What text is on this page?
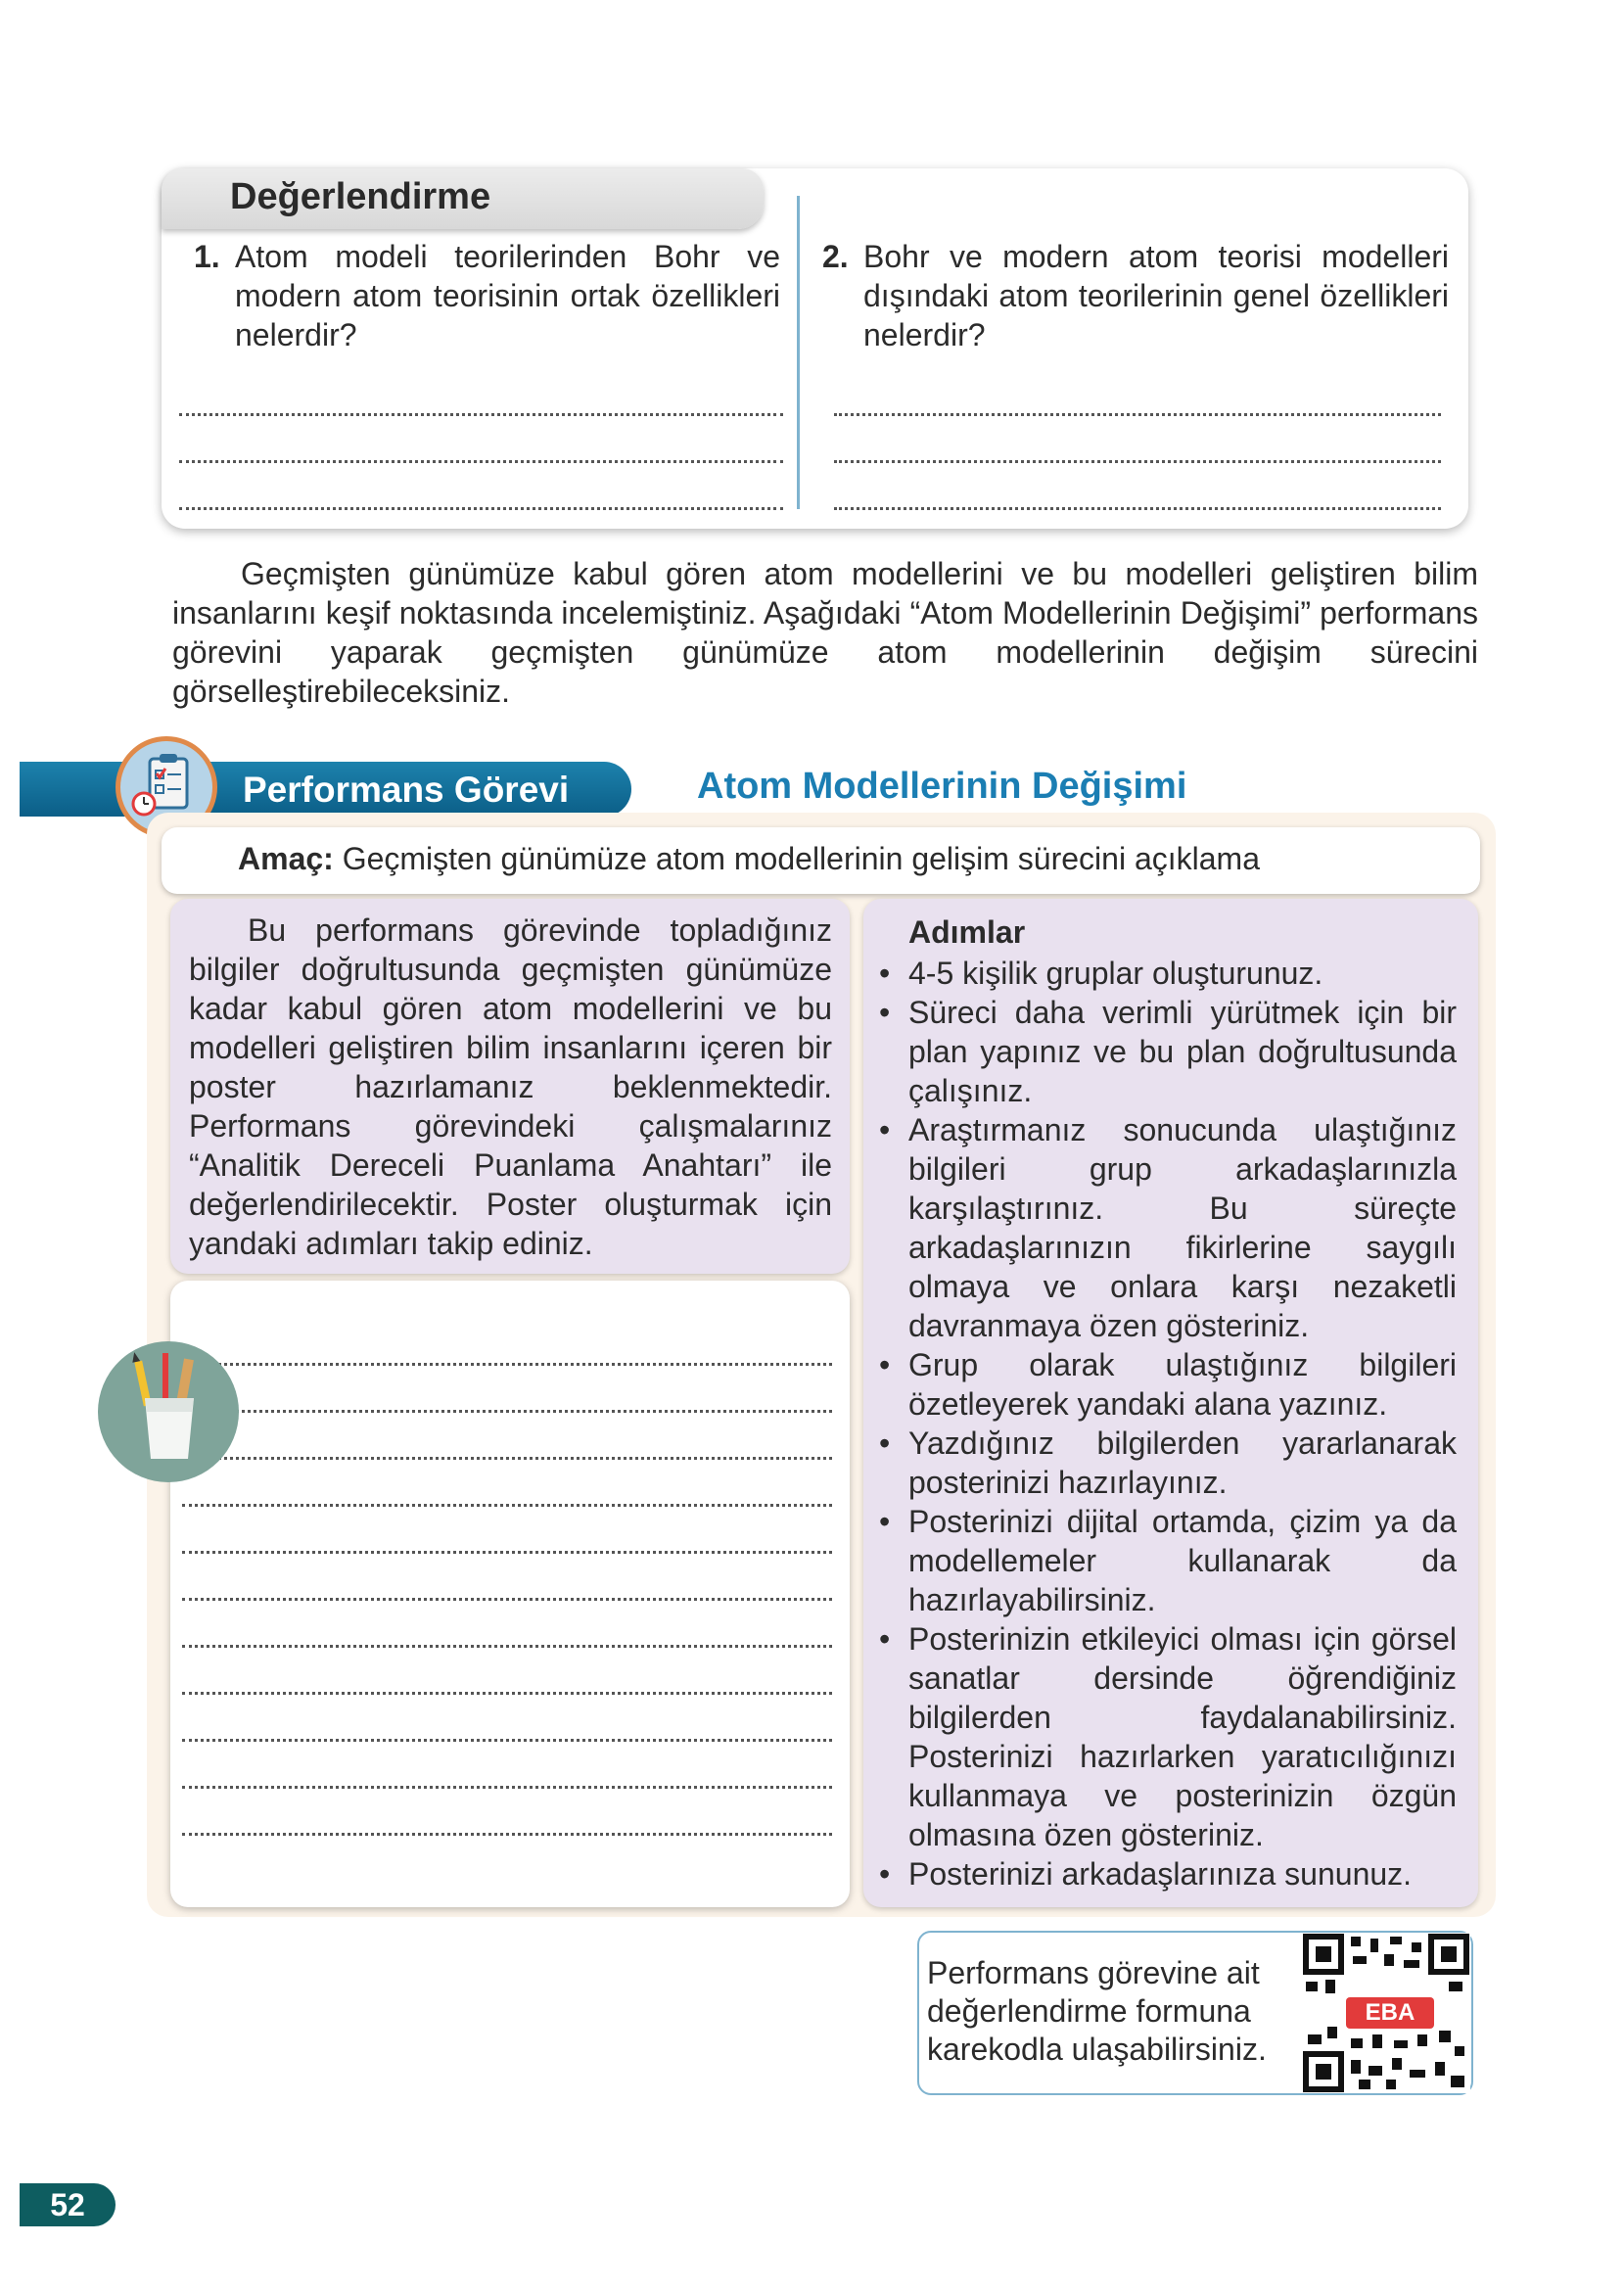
Değerlendirme
1. Atom modeli teorilerinden Bohr ve modern atom teorisinin ortak özellikleri nelerdir?
2. Bohr ve modern atom teorisi modelleri dışındaki atom teorilerinin genel özellikleri nelerdir?
Geçmişten günümüze kabul gören atom modellerini ve bu modelleri geliştiren bilim insanlarını keşif noktasında incelemiştiniz. Aşağıdaki “Atom Modellerinin Değişimi” performans görevini yaparak geçmişten günümüze atom modellerinin değişim sürecini görselleştirebileceksiniz.
Performans Görevi	Atom Modellerinin Değişimi
Amaç: Geçmişten günümüze atom modellerinin gelişim sürecini açıklama
Bu performans görevinde topladığınız bilgiler doğrultusunda geçmişten günümüze kadar kabul gören atom modellerini ve bu modelleri geliştiren bilim insanlarını içeren bir poster hazırlamanız beklenmektedir. Performans görevindeki çalışmalarınız “Analitik Dereceli Puanlama Anahtarı” ile değerlendirilecektir. Poster oluşturmak için yandaki adımları takip ediniz.
Adımlar
• 4-5 kişilik gruplar oluşturunuz.
• Süreci daha verimli yürütmek için bir plan yapınız ve bu plan doğrultusunda çalışınız.
• Araştırmanız sonucunda ulaştığınız bilgileri grup arkadaşlarınızla karşılaştırınız. Bu süreçte arkadaşlarınızın fikirlerine saygılı olmaya ve onlara karşı nezaketli davranmaya özen gösteriniz.
• Grup olarak ulaştığınız bilgileri özetleyerek yandaki alana yazınız.
• Yazdığınız bilgilerden yararlanarak posterinizi hazırlayınız.
• Posterinizi dijital ortamda, çizim ya da modellemeler kullanarak da hazırlayabilirsiniz.
• Posterinizin etkileyici olması için görsel sanatlar dersinde öğrendiğiniz bilgilerden faydalanabilirsiniz. Posterinizi hazırlarken yaratıcılığınızı kullanmaya ve posterinizin özgün olmasına özen gösteriniz.
• Posterinizi arkadaşlarınıza sununuz.
Performans görevine ait değerlendirme formuna karekodla ulaşabilirsiniz.
EBA
52
